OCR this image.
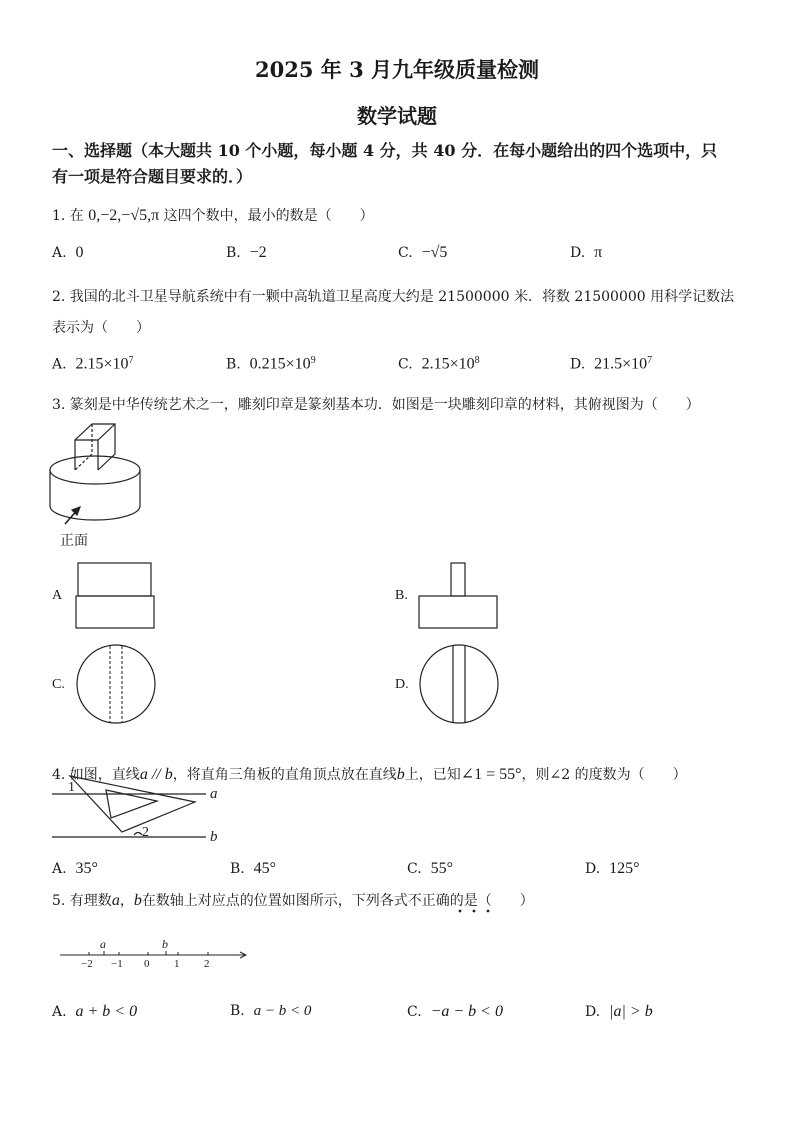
2025 年 3 月九年级质量检测
数学试题
一、选择题（本大题共 10 个小题，每小题 4 分，共 40 分．在每小题给出的四个选项中，只
有一项是符合题目要求的．）
1. 在 0,−2,−√5,π 这四个数中，最小的数是（　　）
A. 0	B. −2	C. −√5	D. π
2. 我国的北斗卫星导航系统中有一颗中高轨道卫星高度大约是 21500000 米．将数 21500000 用科学记数法
表示为（　　）
A. $2.15\times 10^7$	B. $0.215\times 10^9$	C. $2.15\times 10^8$	D. $21.5\times 10^7$
3. 篆刻是中华传统艺术之一，雕刻印章是篆刻基本功．如图是一块雕刻印章的材料，其俯视图为（　　）
正面
A	B.
C.	D.
4. 如图，直线a // b，将直角三角板的直角顶点放在直线b上，已知∠1 = 55°，则∠2 的度数为（　　）
1
2
a
b
A. 35°	B. 45°	C. 55°	D. 125°
5. 有理数a，b在数轴上对应点的位置如图所示，下列各式不正确的是（　　）
a	b
−2 −1 0 1 2
A. a + b < 0	B. a − b < 0	C. −a − b < 0	D. |a| > b
